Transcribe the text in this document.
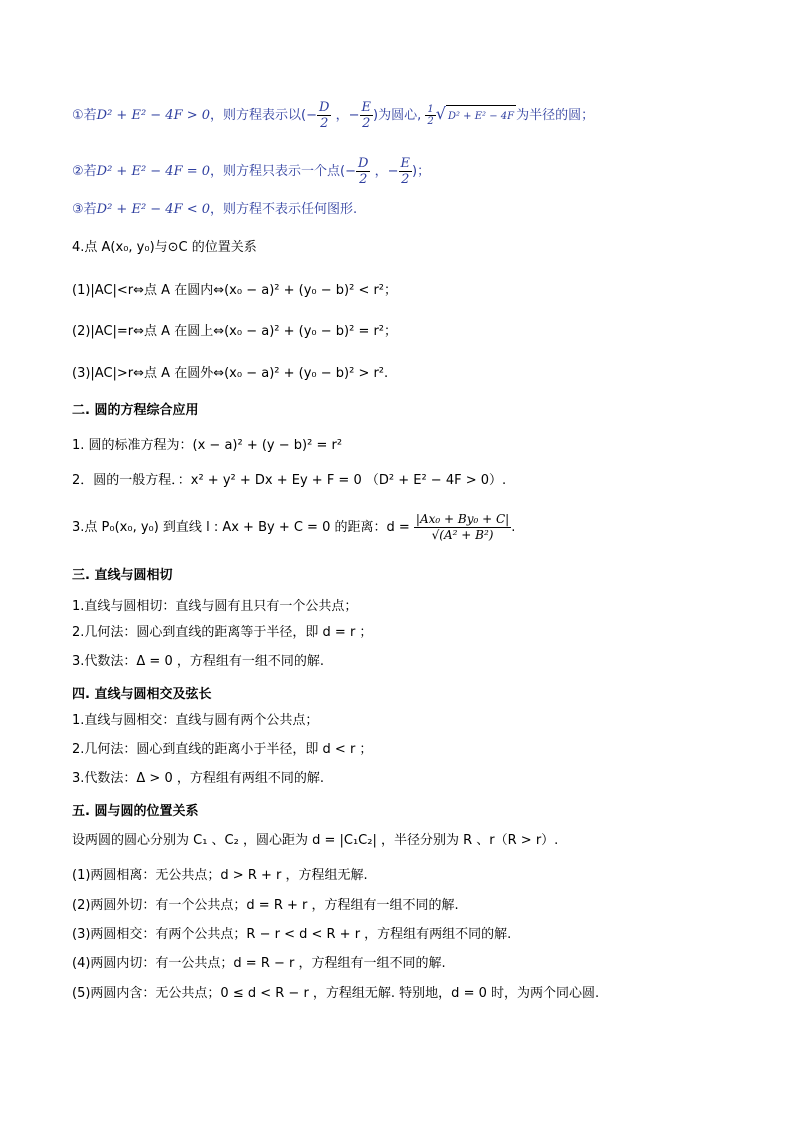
①若D² + E² − 4F > 0，则方程表示以(− $\frac{D}{2}$ ，− $\frac{E}{2}$ )为圆心, $\frac{1}{2}$ √ D² + E² − 4F 为半径的圆；
②若D² + E² − 4F = 0，则方程只表示一个点(− $\frac{D}{2}$ ，− $\frac{E}{2}$ )；
③若D² + E² − 4F < 0，则方程不表示任何图形.
4.点 A(x₀, y₀)与⊙C 的位置关系
(1)|AC|<r⇔点 A 在圆内⇔(x₀ − a)² + (y₀ − b)² < r²；
(2)|AC|=r⇔点 A 在圆上⇔(x₀ − a)² + (y₀ − b)² = r²；
(3)|AC|>r⇔点 A 在圆外⇔(x₀ − a)² + (y₀ − b)² > r².
二. 圆的方程综合应用
1. 圆的标准方程为：(x − a)² + (y − b)² = r²
2．圆的一般方程．：x² + y² + Dx + Ey + F = 0 （D² + E² − 4F > 0）.
3.点 P₀(x₀, y₀) 到直线 l : Ax + By + C = 0 的距离：$d = \frac{\text{|Ax₀ + By₀ + C|}}{\text{√(A² + B²)}}$ .
三. 直线与圆相切
1.直线与圆相切：直线与圆有且只有一个公共点；
2.几何法：圆心到直线的距离等于半径，即 d = r ；
3.代数法：Δ = 0 ，方程组有一组不同的解.
四. 直线与圆相交及弦长
1.直线与圆相交：直线与圆有两个公共点；
2.几何法：圆心到直线的距离小于半径，即 d < r ；
3.代数法：Δ > 0 ，方程组有两组不同的解.
五. 圆与圆的位置关系
设两圆的圆心分别为 C₁ 、C₂ ，圆心距为 d = |C₁C₂| ，半径分别为 R 、r（R > r）.
(1)两圆相离：无公共点；d > R + r ，方程组无解.
(2)两圆外切：有一个公共点；d = R + r ，方程组有一组不同的解.
(3)两圆相交：有两个公共点；R − r < d < R + r ，方程组有两组不同的解.
(4)两圆内切：有一公共点；d = R − r ，方程组有一组不同的解.
(5)两圆内含：无公共点；0 ≤ d < R − r ，方程组无解. 特别地，d = 0 时，为两个同心圆.
